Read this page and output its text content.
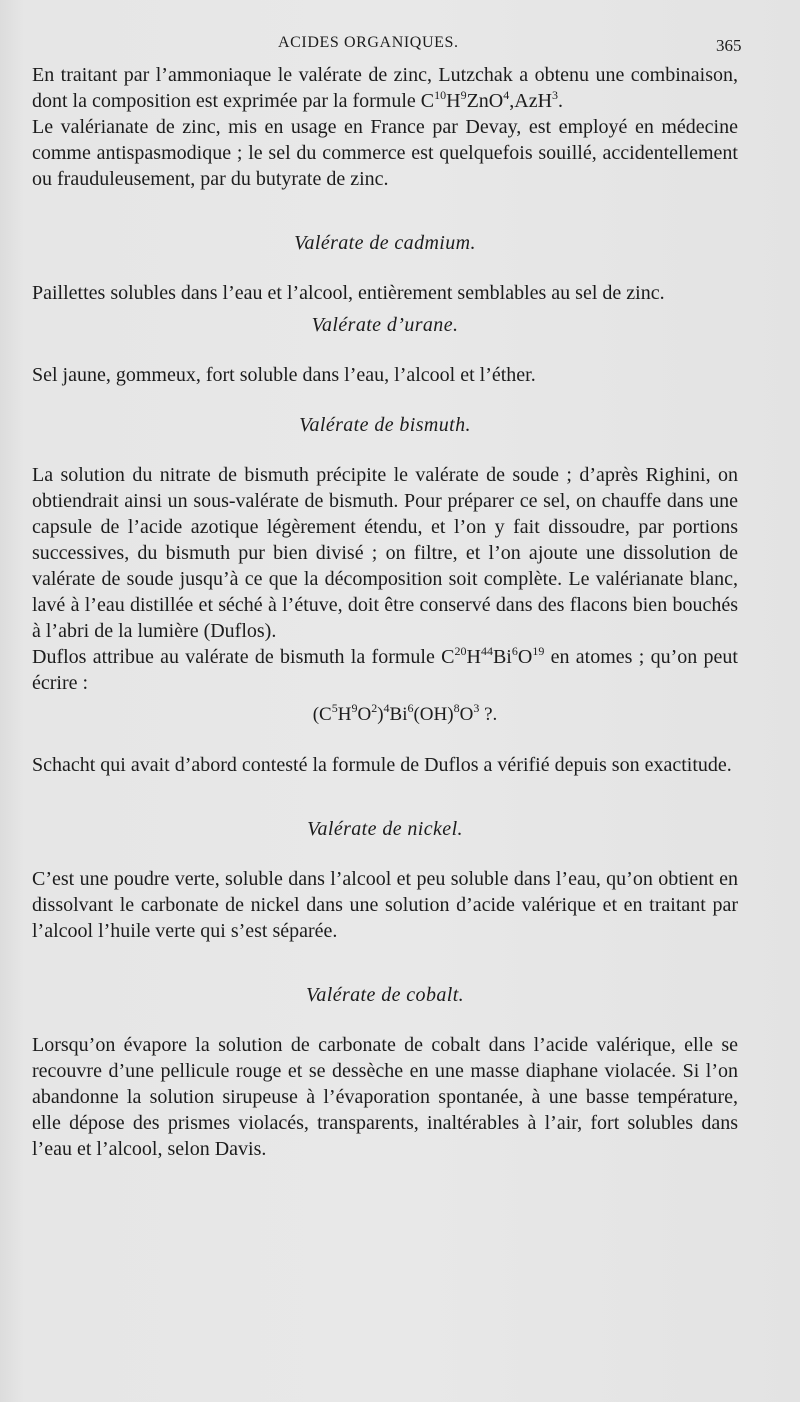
ACIDES ORGANIQUES.	365

En traitant par l’ammoniaque le valérate de zinc, Lutzchak a obtenu une combinaison, dont la composition est exprimée par la formule $C^{10}H^9ZnO^4,AzH^3$.

Le valérianate de zinc, mis en usage en France par Devay, est employé en médecine comme antispasmodique ; le sel du commerce est quelquefois souillé, accidentellement ou frauduleusement, par du butyrate de zinc.

Valérate de cadmium.

Paillettes solubles dans l’eau et l’alcool, entièrement semblables au sel de zinc.

Valérate d’urane.

Sel jaune, gommeux, fort soluble dans l’eau, l’alcool et l’éther.

Valérate de bismuth.

La solution du nitrate de bismuth précipite le valérate de soude ; d’après Righini, on obtiendrait ainsi un sous-valérate de bismuth. Pour préparer ce sel, on chauffe dans une capsule de l’acide azotique légèrement étendu, et l’on y fait dissoudre, par portions successives, du bismuth pur bien divisé ; on filtre, et l’on ajoute une dissolution de valérate de soude jusqu’à ce que la décomposition soit complète. Le valérianate blanc, lavé à l’eau distillée et séché à l’étuve, doit être conservé dans des flacons bien bouchés à l’abri de la lumière (Duflos).

Duflos attribue au valérate de bismuth la formule $C^{20}H^{44}Bi^6O^{19}$ en atomes ; qu’on peut écrire :

$(C^5H^9O^2)^4Bi^6(OH)^8O^3$ ?.

Schacht qui avait d’abord contesté la formule de Duflos a vérifié depuis son exactitude.

Valérate de nickel.

C’est une poudre verte, soluble dans l’alcool et peu soluble dans l’eau, qu’on obtient en dissolvant le carbonate de nickel dans une solution d’acide valérique et en traitant par l’alcool l’huile verte qui s’est séparée.

Valérate de cobalt.

Lorsqu’on évapore la solution de carbonate de cobalt dans l’acide valérique, elle se recouvre d’une pellicule rouge et se dessèche en une masse diaphane violacée. Si l’on abandonne la solution sirupeuse à l’évaporation spontanée, à une basse température, elle dépose des prismes violacés, transparents, inaltérables à l’air, fort solubles dans l’eau et l’alcool, selon Davis.
